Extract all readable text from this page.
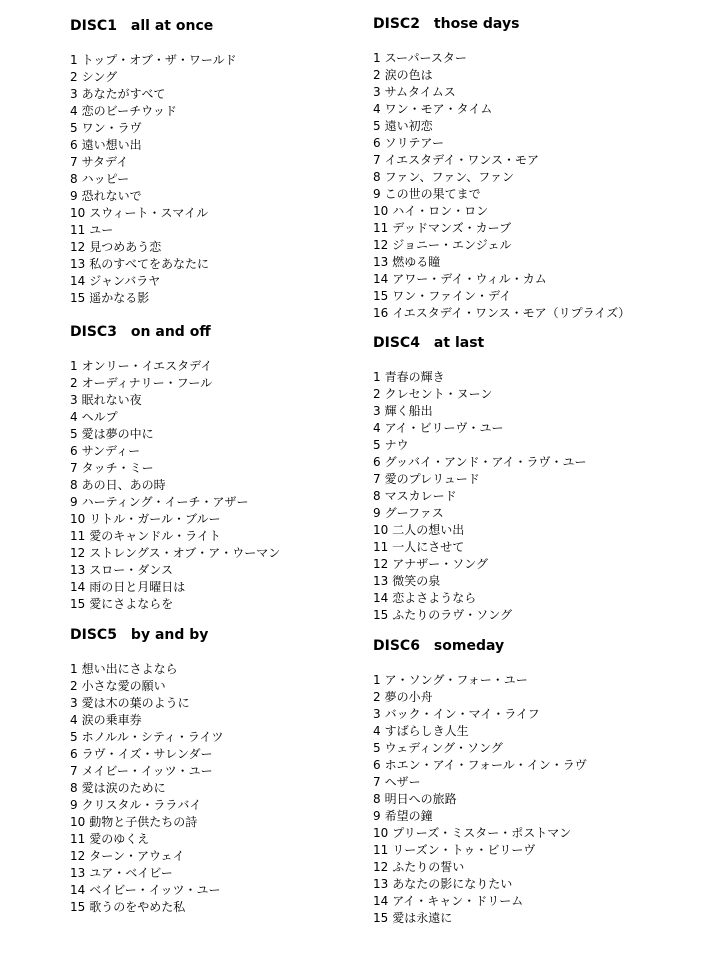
DISC1　all at once
1 トップ・オブ・ザ・ワールド
2 シング
3 あなたがすべて
4 恋のビーチウッド
5 ワン・ラヴ
6 遠い想い出
7 サタデイ
8 ハッピー
9 恐れないで
10 スウィート・スマイル
11 ユー
12 見つめあう恋
13 私のすべてをあなたに
14 ジャンバラヤ
15 遥かなる影
DISC3　on and off
1 オンリー・イエスタデイ
2 オーディナリー・フール
3 眠れない夜
4 ヘルプ
5 愛は夢の中に
6 サンディー
7 タッチ・ミー
8 あの日、あの時
9 ハーティング・イーチ・アザー
10 リトル・ガール・ブルー
11 愛のキャンドル・ライト
12 ストレングス・オブ・ア・ウーマン
13 スロー・ダンス
14 雨の日と月曜日は
15 愛にさよならを
DISC5　by and by
1 想い出にさよなら
2 小さな愛の願い
3 愛は木の葉のように
4 涙の乗車券
5 ホノルル・シティ・ライツ
6 ラヴ・イズ・サレンダー
7 メイビー・イッツ・ユー
8 愛は涙のために
9 クリスタル・ララバイ
10 動物と子供たちの詩
11 愛のゆくえ
12 ターン・アウェイ
13 ユア・ベイビー
14 ベイビー・イッツ・ユー
15 歌うのをやめた私
DISC2　those days
1 スーパースター
2 涙の色は
3 サムタイムス
4 ワン・モア・タイム
5 遠い初恋
6 ソリテアー
7 イエスタデイ・ワンス・モア
8 ファン、ファン、ファン
9 この世の果てまで
10 ハイ・ロン・ロン
11 デッドマンズ・カーブ
12 ジョニー・エンジェル
13 燃ゆる瞳
14 アワー・デイ・ウィル・カム
15 ワン・ファイン・デイ
16 イエスタデイ・ワンス・モア（リプライズ）
DISC4　at last
1 青春の輝き
2 クレセント・ヌーン
3 輝く船出
4 アイ・ビリーヴ・ユー
5 ナウ
6 グッバイ・アンド・アイ・ラヴ・ユー
7 愛のプレリュード
8 マスカレード
9 グーファス
10 二人の想い出
11 一人にさせて
12 アナザー・ソング
13 微笑の泉
14 恋よさようなら
15 ふたりのラヴ・ソング
DISC6　someday
1 ア・ソング・フォー・ユー
2 夢の小舟
3 バック・イン・マイ・ライフ
4 すばらしき人生
5 ウェディング・ソング
6 ホエン・アイ・フォール・イン・ラヴ
7 ヘザー
8 明日への旅路
9 希望の鐘
10 プリーズ・ミスター・ポストマン
11 リーズン・トゥ・ビリーヴ
12 ふたりの誓い
13 あなたの影になりたい
14 アイ・キャン・ドリーム
15 愛は永遠に
